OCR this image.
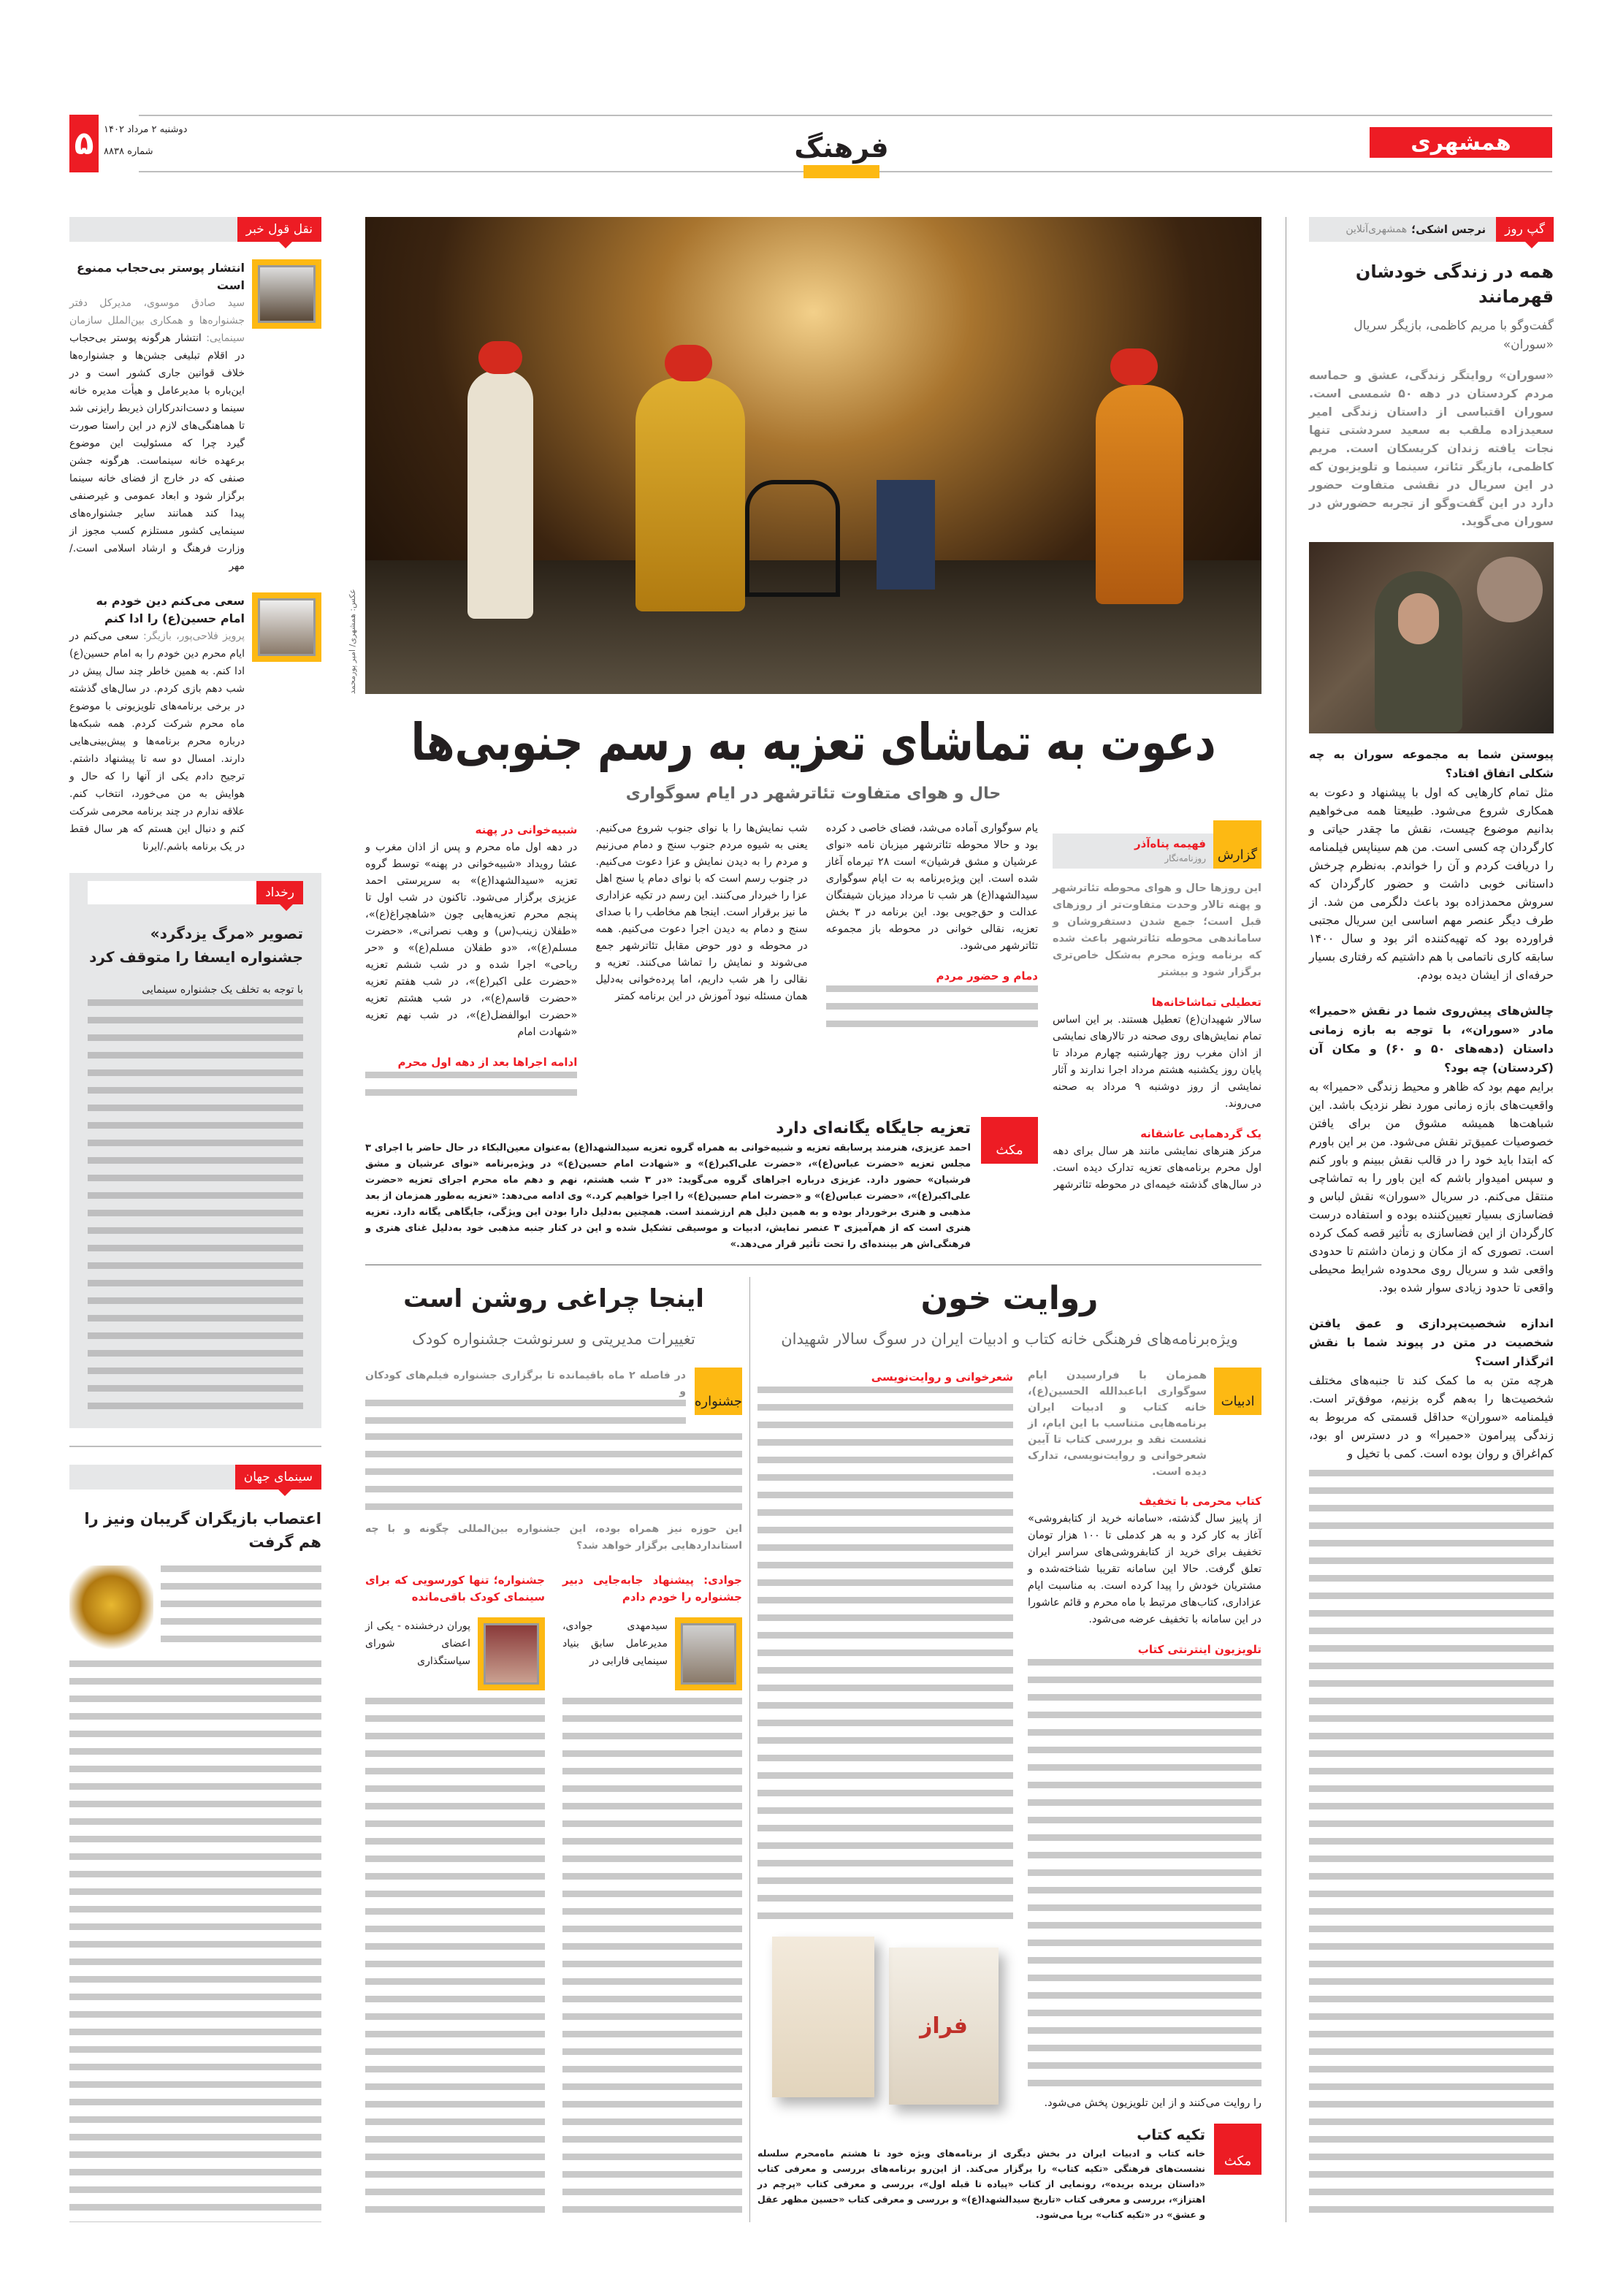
۵	دوشنبه ۲ مرداد ۱۴۰۲
شماره ۸۸۳۸	فرهنگ	همشهری
گپ روز
نرجس اشکی؛
همشهری‌آنلاین
همه در زندگی خودشان قهرمانند
گفت‌وگو با مریم کاظمی، بازیگر سریال «سوران»
«سوران» روایتگر زندگی، عشق و حماسه مردم کردستان در دهه ۵۰ شمسی است. سوران اقتباسی از داستان زندگی امیر سعیدزاده ملقب به سعید سردشتی تنها نجات یافته زندان کریسکان است. مریم کاظمی، بازیگر تئاتر، سینما و تلویزیون که در این سریال در نقشی متفاوت حضور دارد در این گفت‌وگو از تجربه حضورش در سوران می‌گوید.
پیوستن شما به مجموعه سوران به چه شکلی اتفاق افتاد؟
مثل تمام کارهایی که اول با پیشنهاد و دعوت به همکاری شروع می‌شود. طبیعتا همه می‌خواهیم بدانیم موضوع چیست، نقش ما چقدر حیاتی و کارگردان چه کسی است. من هم سیناپس فیلمنامه را دریافت کردم و آن را خواندم. به‌نظرم چرخش داستانی خوبی داشت و حضور کارگردان که سروش محمدزاده بود باعث دلگرمی من شد. از طرف دیگر عنصر مهم اساسی این سریال مجتبی فراورده بود که تهیه‌کننده اثر بود و سال ۱۴۰۰ سابقه کاری ناتمامی با هم داشتیم که رفتاری بسیار حرفه‌ای از ایشان دیده بودم.
چالش‌های پیش‌روی شما در نقش «حمیرا» مادر «سوران»، با توجه به بازه زمانی داستان (دهه‌های ۵۰ و ۶۰) و مکان آن (کردستان) چه بود؟
برایم مهم بود که ظاهر و محیط زندگی «حمیرا» به واقعیت‌های بازه زمانی مورد نظر نزدیک باشد. این شباهت‌ها همیشه مشوق من برای یافتن خصوصیات عمیق‌تر نقش می‌شود. من بر این باورم که ابتدا باید خود را در قالب نقش ببینم و باور کنم و سپس امیدوار باشم که این باور را به تماشاچی منتقل می‌کنم. در سریال «سوران» نقش لباس و فضاسازی بسیار تعیین‌کننده بوده و استفاده درست کارگردان از این فضاسازی به تأثیر قصه کمک کرده است. تصوری که از مکان و زمان داشتم تا حدودی واقعی شد و سریال روی محدوده شرایط محیطی واقعی تا حدود زیادی سوار شده بود.
اندازه شخصیت‌پردازی و عمق یافتن شخصیت در متن در پیوند شما با نقش اثرگذار است؟
هرچه متن به ما کمک کند تا جنبه‌های مختلف شخصیت‌ها را به‌هم گره بزنیم، موفق‌تر است. فیلمنامه «سوران» حداقل قسمتی که مربوط به زندگی پیرامون «حمیرا» و در دسترس او بود، کم‌اغراق و روان بوده است. کمی با تخیل و
عکس: همشهری/ امیر پورمحمد
دعوت به تماشای تعزیه به رسم جنوبی‌ها
حال و هوای متفاوت تئاترشهر در ایام سوگواری
گزارش
فهیمه پناه‌آذر
روزنامه‌نگار
این روزها حال و هوای محوطه تئاترشهر و پهنه تالار وحدت متفاوت‌تر از روزهای قبل است؛ جمع شدن دستفروشان و ساماندهی محوطه تئاترشهر باعث شده که برنامه ویژه محرم به‌شکل خاص‌تری برگزار شود و بیشتر
تعطیلی تماشاخانه‌ها
سالار شهیدان(ع) تعطیل هستند. بر این اساس تمام نمایش‌های روی صحنه در تالارهای نمایشی از اذان مغرب روز چهارشنبه چهارم مرداد تا پایان روز یکشنبه هشتم مرداد اجرا ندارند و آثار نمایشی از روز دوشنبه ۹ مرداد به صحنه می‌روند.
یک گردهمایی عاشقانه
مرکز هنرهای نمایشی مانند هر سال برای دهه اول محرم برنامه‌های تعزیه تدارک دیده است. در سال‌های گذشته خیمه‌ای در محوطه تئاترشهر
یام سوگواری آماده می‌شد، فضای خاصی د کرده بود و حالا محوطه تئاترشهر میزبان نامه «نوای عرشیان و مشق فرشیان» است ۲۸ تیرماه آغاز شده است. این ویژه‌برنامه به ت ایام سوگواری سیدالشهدا(ع) هر شب تا مرداد میزبان شیفتگان عدالت و حق‌جویی بود. این برنامه در ۳ بخش تعزیه، نقالی خوانی در محوطه باز مجموعه تئاترشهر می‌شود.
دمام و حضور مردم
شب نمایش‌ها را با نوای جنوب شروع می‌کنیم. یعنی به شیوه مردم جنوب سنج و دمام می‌زنیم و مردم را به دیدن نمایش و عزا دعوت می‌کنیم. در جنوب رسم است که با نوای دمام یا سنج اهل عزا را خبردار می‌کنند. این رسم در تکیه عزاداری ما نیز برقرار است. اینجا هم مخاطب را با صدای سنج و دمام به دیدن اجرا دعوت می‌کنیم. همه در محوطه و دور حوض مقابل تئاترشهر جمع می‌شوند و نمایش را تماشا می‌کنند. تعزیه و نقالی را هر شب داریم، اما پرده‌خوانی به‌دلیل همان مسئله نبود آموزش در این برنامه کمتر
شبیه‌خوانی در پهنه
در دهه اول ماه محرم و پس از اذان مغرب و عشا رویداد «شبیه‌خوانی در پهنه» توسط گروه تعزیه «سیدالشهدا(ع)» به سرپرستی احمد عزیزی برگزار می‌شود. تاکنون در شب اول تا پنجم محرم تعزیه‌هایی چون «شاهچراغ(ع)»، «طفلان زینب(س) و وهب نصرانی»، «حضرت مسلم(ع)»، «دو طفلان مسلم(ع)» و «حر ریاحی» اجرا شده و در شب ششم تعزیه «حضرت علی اکبر(ع)»، در شب هفتم تعزیه «حضرت قاسم(ع)»، در شب هشتم تعزیه «حضرت ابوالفضل(ع)»، در شب نهم تعزیه «شهادت امام
ادامه اجراها بعد از دهه اول محرم
مکث
تعزیه جایگاه یگانه‌ای دارد
احمد عزیزی، هنرمند پرسابقه تعزیه و شبیه‌خوانی به همراه گروه تعزیه سیدالشهدا(ع) به‌عنوان معین‌البکاء در حال حاضر با اجرای ۳ مجلس تعزیه «حضرت عباس(ع)»، «حضرت علی‌اکبر(ع)» و «شهادت امام حسین(ع)» در ویژه‌برنامه «نوای عرشیان و مشق فرشیان» حضور دارد. عزیزی درباره اجراهای گروه می‌گوید: «در ۳ شب هشتم، نهم و دهم ماه محرم اجرای تعزیه «حضرت علی‌اکبر(ع)»، «حضرت عباس(ع)» و «حضرت امام حسین(ع)» را اجرا خواهیم کرد.» وی ادامه می‌دهد: «تعزیه به‌طور همزمان از بعد مذهبی و هنری برخوردار بوده و به همین دلیل هم ارزشمند است. همچنین به‌دلیل دارا بودن این ویژگی، جایگاهی یگانه دارد. تعزیه هنری است که از هم‌آمیزی ۳ عنصر نمایش، ادبیات و موسیقی تشکیل شده و این در کنار جنبه مذهبی خود به‌دلیل غنای هنری و فرهنگی‌اش هر بیننده‌ای را تحت تأثیر قرار می‌دهد.»
روایت خون
ویژه‌برنامه‌های فرهنگی خانه کتاب و ادبیات ایران در سوگ سالار شهیدان
ادبیات
همزمان با فرارسیدن ایام سوگواری اباعبدالله الحسین(ع)، خانه کتاب و ادبیات ایران برنامه‌هایی متناسب با این ایام، از نشست نقد و بررسی کتاب تا آیین شعرخوانی و روایت‌نویسی، تدارک دیده است.
کتاب محرمی با تخفیف
از پاییز سال گذشته، «سامانه خرید از کتابفروشی» آغاز به کار کرد و به هر کدملی تا ۱۰۰ هزار تومان تخفیف برای خرید از کتابفروشی‌های سراسر ایران تعلق گرفت. حالا این سامانه تقریبا شناخته‌شده و مشتریان خودش را پیدا کرده است. به مناسبت ایام عزاداری، کتاب‌های مرتبط با ماه محرم و قائم عاشورا در این سامانه با تخفیف عرضه می‌شود.
تلویزیون اینترنتی کتاب
را روایت می‌کنند و از این تلویزیون پخش می‌شود.
شعرخوانی و روایت‌نویسی
فراز
مکث
تکیه کتاب
خانه کتاب و ادبیات ایران در بخش دیگری از برنامه‌های ویژه خود تا هشتم ماه‌محرم سلسله نشست‌های فرهنگی «تکیه کتاب» را برگزار می‌کند. از این‌رو برنامه‌های بررسی و معرفی کتاب «داستان بریده بریده»، رونمایی از کتاب «پیاده تا قبله اول»، بررسی و معرفی کتاب «پرچم در اهتزاز»، بررسی و معرفی کتاب «تاریخ سیدالشهدا(ع)» و بررسی و معرفی کتاب «حسین مظهر عقل و عشق» در «تکیه کتاب» برپا می‌شود.
اینجا چراغی روشن است
تغییرات مدیریتی و سرنوشت جشنواره کودک
جشنواره
در فاصله ۲ ماه باقیمانده تا برگزاری جشنواره فیلم‌های کودکان و
این حوزه نیز همراه بوده، این جشنواره بین‌المللی چگونه و با چه استانداردهایی برگزار خواهد شد؟
جوادی: پیشنهاد جابه‌جایی دبیر جشنواره را خودم دادم
سیدمهدی جوادی، مدیرعامل سابق بنیاد سینمایی فارابی در
جشنواره؛ تنها کورسویی که برای سینمای کودک باقی‌مانده
پوران درخشنده - یکی از اعضای شورای سیاستگذاری
نقل قول خبر
انتشار پوستر بی‌حجاب ممنوع است
سید صادق موسوی، مدیرکل دفتر جشنواره‌ها و همکاری بین‌الملل سازمان سینمایی: انتشار هرگونه پوستر بی‌حجاب در اقلام تبلیغی جشن‌ها و جشنواره‌ها خلاف قوانین جاری کشور است و در این‌باره با مدیرعامل و هیأت مدیره خانه سینما و دست‌اندرکاران ذیربط رایزنی شد تا هماهنگی‌های لازم در این راستا صورت گیرد چرا که مسئولیت این موضوع برعهده خانه سینماست. هرگونه جشن صنفی که در خارج از فضای خانه سینما برگزار شود و ابعاد عمومی و غیرصنفی پیدا کند همانند سایر جشنواره‌های سینمایی کشور مستلزم کسب مجوز از وزارت فرهنگ و ارشاد اسلامی است./مهر
سعی می‌کنم دین خودم به امام حسین(ع) را ادا کنم
پرویز فلاحی‌پور، بازیگر: سعی می‌کنم در ایام محرم دین خودم را به امام حسین(ع) ادا کنم. به همین خاطر چند سال پیش در شب دهم بازی کردم. در سال‌های گذشته در برخی برنامه‌های تلویزیونی با موضوع ماه محرم شرکت کردم. همه شبکه‌ها درباره محرم برنامه‌ها و پیش‌بینی‌هایی دارند. امسال دو سه تا پیشنهاد داشتم. ترجیح دادم یکی از آنها را که حال و هوایش به من می‌خورد، انتخاب کنم. علاقه ندارم در چند برنامه محرمی شرکت کنم و دنبال این هستم که هر سال فقط در یک برنامه باشم./ایرنا
رخداد
تصویر «مرگ یزدگرد» جشنواره ایسفا را متوقف کرد
با توجه به تخلف یک جشنواره سینمایی
سینمای جهان
اعتصاب بازیگران گریبان ونیز را هم گرفت
